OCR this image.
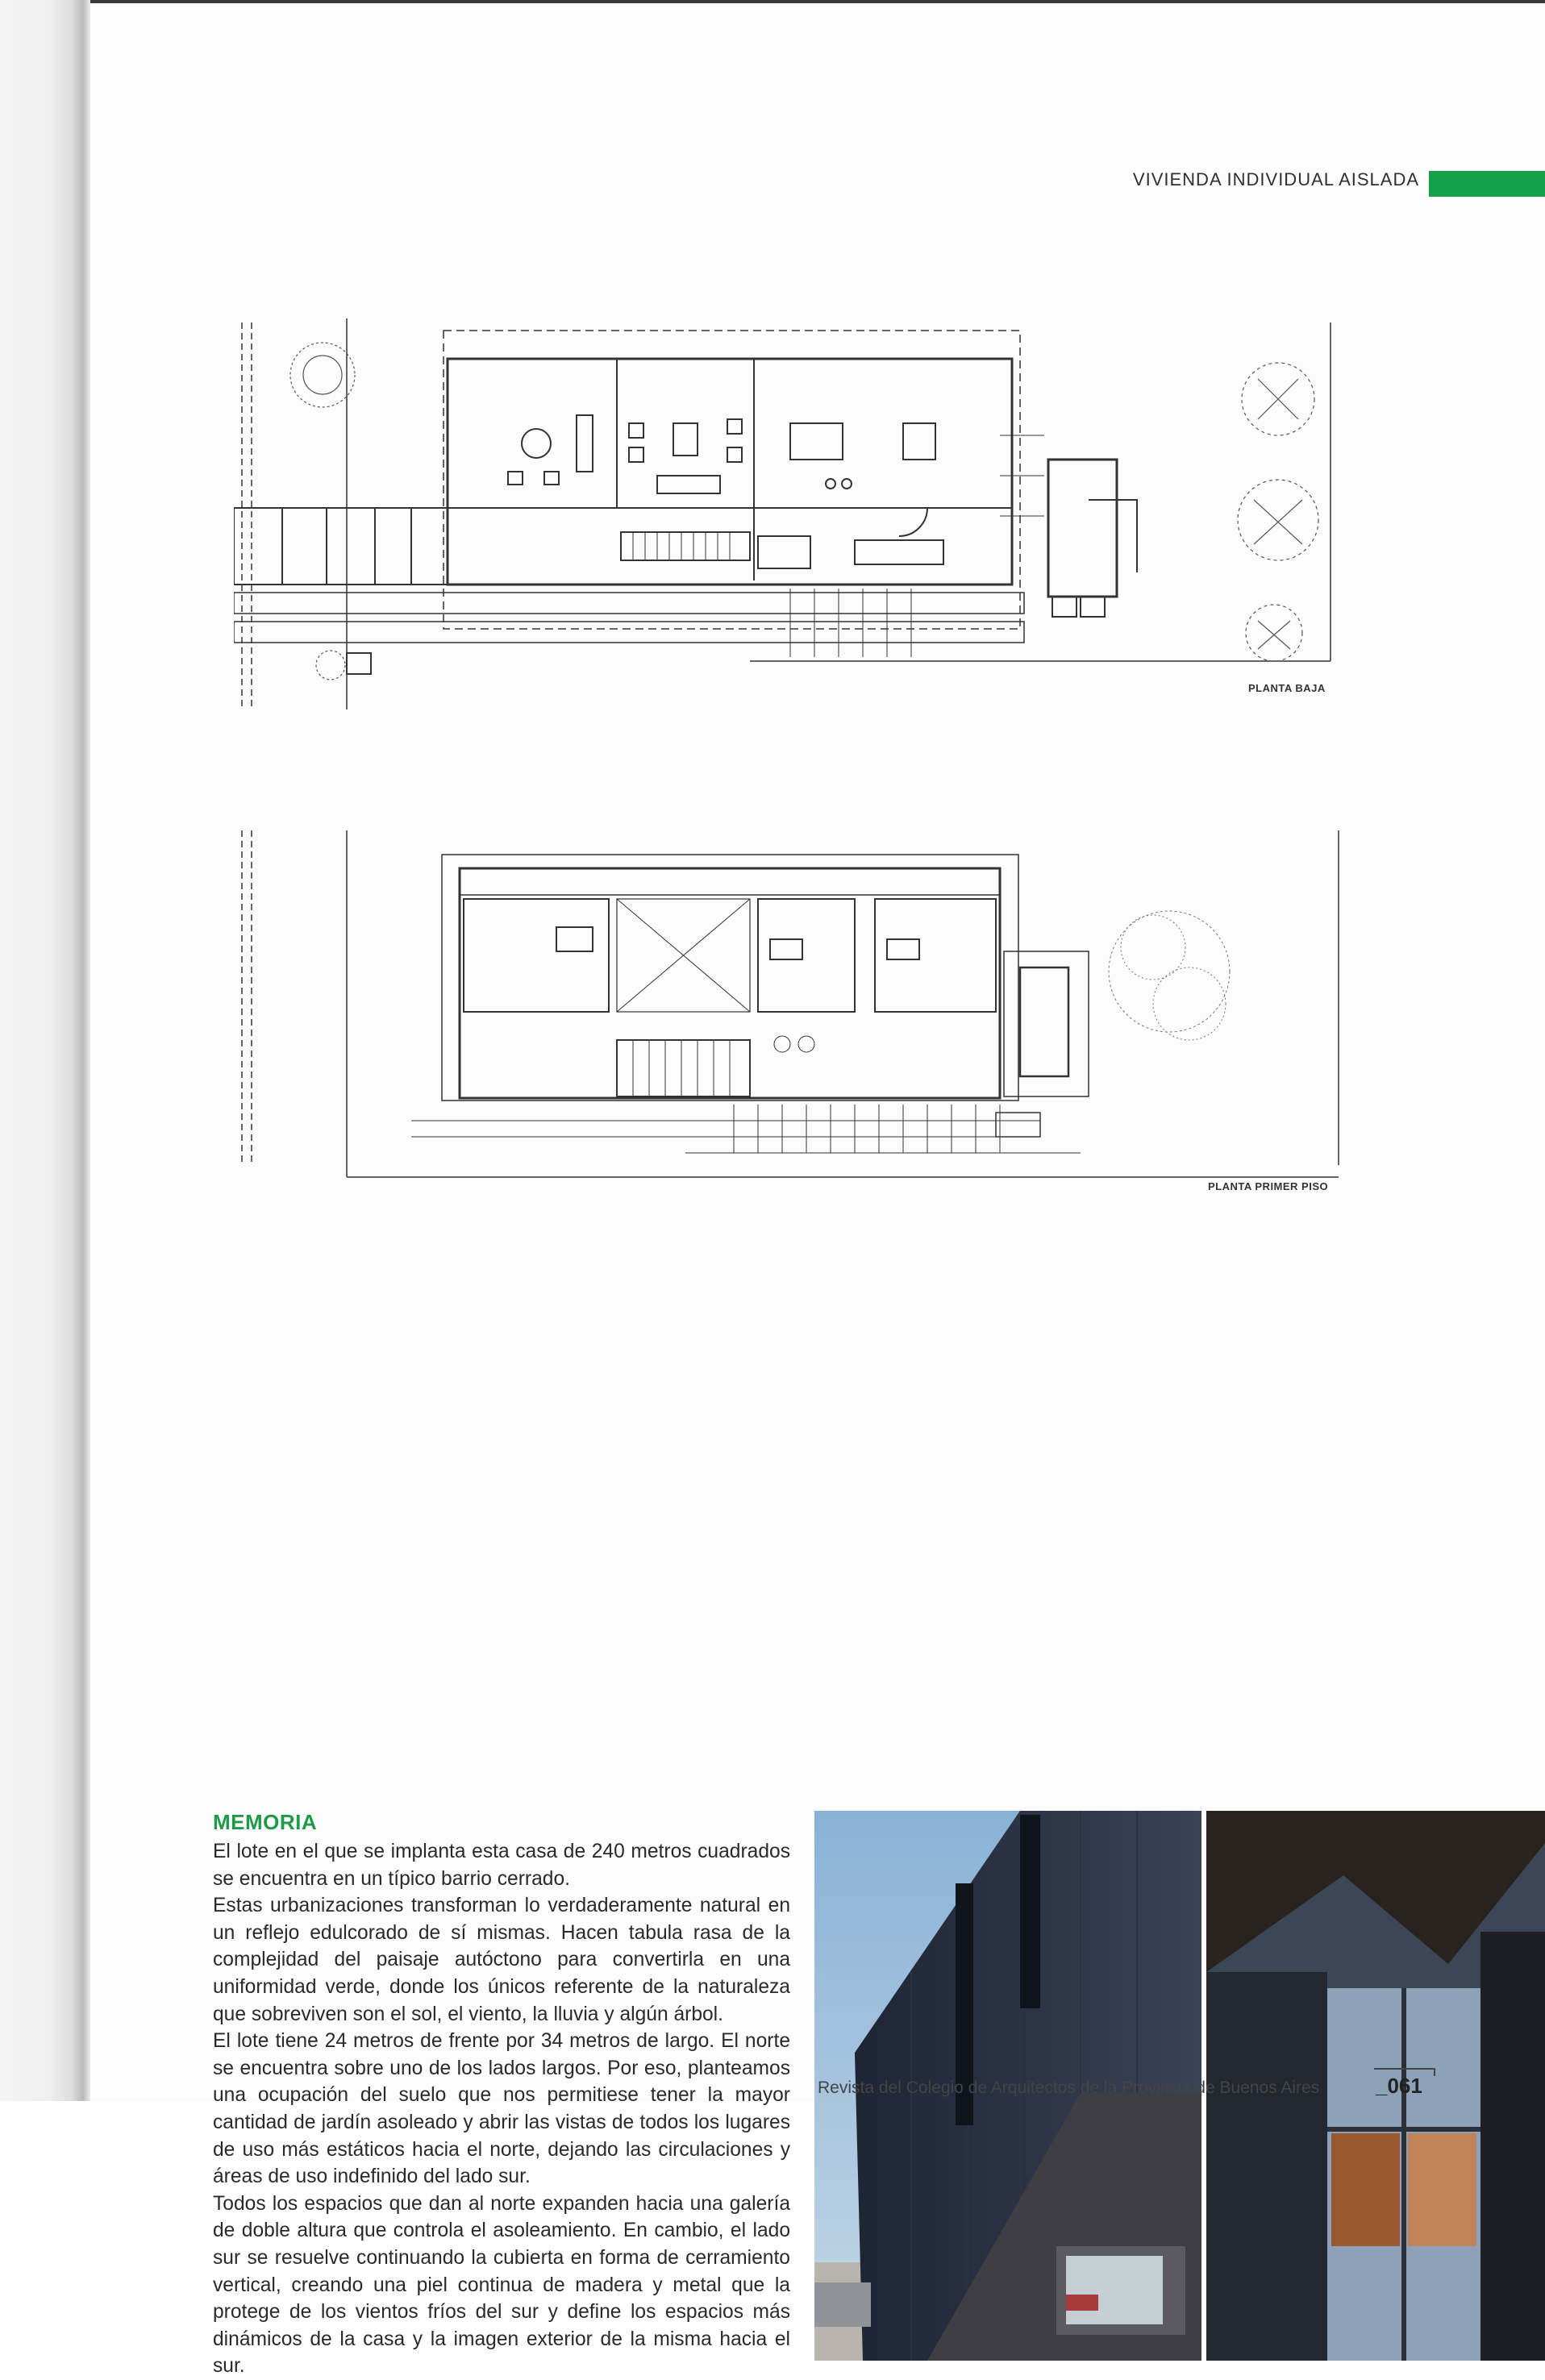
VIVIENDA INDIVIDUAL AISLADA
PLANTA BAJA
PLANTA PRIMER PISO
MEMORIA

El lote en el que se implanta esta casa de 240 metros cuadrados se encuentra en un típico barrio cerrado.

Estas urbanizaciones transforman lo verdaderamente natural en un reflejo edulcorado de sí mismas. Hacen tabula rasa de la complejidad del paisaje autóctono para convertirla en una uniformidad verde, donde los únicos referente de la naturaleza que sobreviven son el sol, el viento, la lluvia y algún árbol.

El lote tiene 24 metros de frente por 34 metros de largo. El norte se encuentra sobre uno de los lados largos. Por eso, planteamos una ocupación del suelo que nos permitiese tener la mayor cantidad de jardín asoleado y abrir las vistas de todos los lugares de uso más estáticos hacia el norte, dejando las circulaciones y áreas de uso indefinido del lado sur.

Todos los espacios que dan al norte expanden hacia una galería de doble altura que controla el asoleamiento. En cambio, el lado sur se resuelve continuando la cubierta en forma de cerramiento vertical, creando una piel continua de madera y metal que la protege de los vientos fríos del sur y define los espacios más dinámicos de la casa y la imagen exterior de la misma hacia el sur.

Revista del Colegio de Arquitectos de la Provincia de Buenos Aires	_061
